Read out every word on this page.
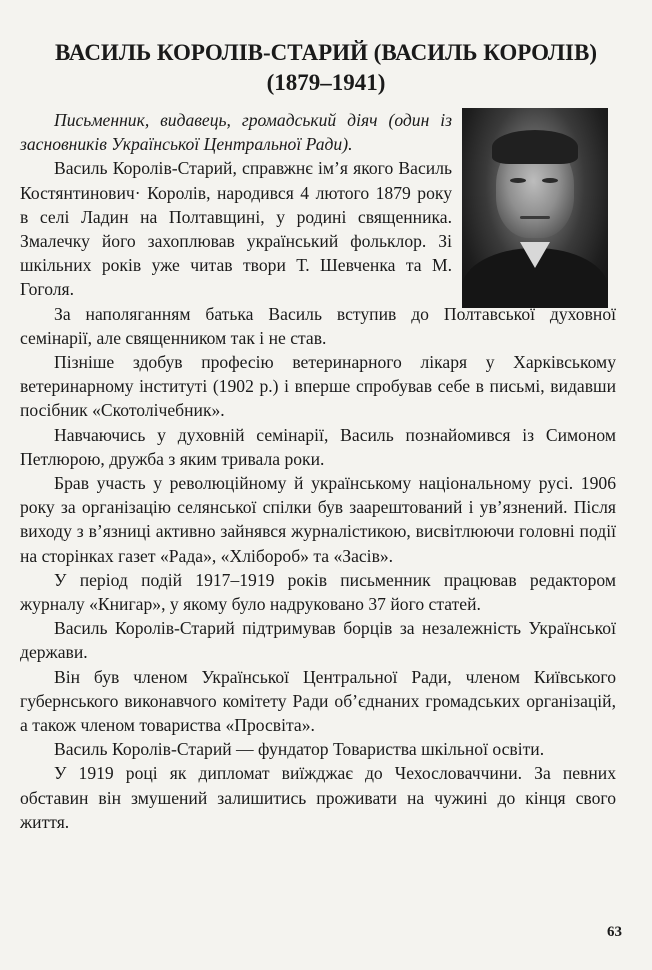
ВАСИЛЬ КОРОЛІВ-СТАРИЙ (ВАСИЛЬ КОРОЛІВ)
(1879–1941)

Письменник, видавець, громадський діяч (один із засновників Української Центральної Ради).

Василь Королів-Старий, справжнє ім’я якого Василь Костянтинович· Королів, народився 4 лютого 1879 року в селі Ладин на Полтавщині, у родині священника. Змалечку його захоплював український фольклор. Зі шкільних років уже читав твори Т. Шевченка та М. Гоголя.

За наполяганням батька Василь вступив до Полтавської духовної семінарії, але священником так і не став.

Пізніше здобув професію ветеринарного лікаря у Харківському ветеринарному інституті (1902 р.) і вперше спробував себе в письмі, видавши посібник «Скотолічебник».

Навчаючись у духовній семінарії, Василь познайомився із Симоном Петлюрою, дружба з яким тривала роки.

Брав участь у революційному й українському національному русі. 1906 року за організацію селянської спілки був заарештований і ув’язнений. Після виходу з в’язниці активно зайнявся журналістикою, висвітлюючи головні події на сторінках газет «Рада», «Хлібороб» та «Засів».

У період подій 1917–1919 років письменник працював редактором журналу «Книгар», у якому було надруковано 37 його статей.

Василь Королів-Старий підтримував борців за незалежність Української держави.

Він був членом Української Центральної Ради, членом Київського губернського виконавчого комітету Ради об’єднаних громадських організацій, а також членом товариства «Просвіта».

Василь Королів-Старий — фундатор Товариства шкільної освіти.

У 1919 році як дипломат виїжджає до Чехословаччини. За певних обставин він змушений залишитись проживати на чужині до кінця свого життя.

63
